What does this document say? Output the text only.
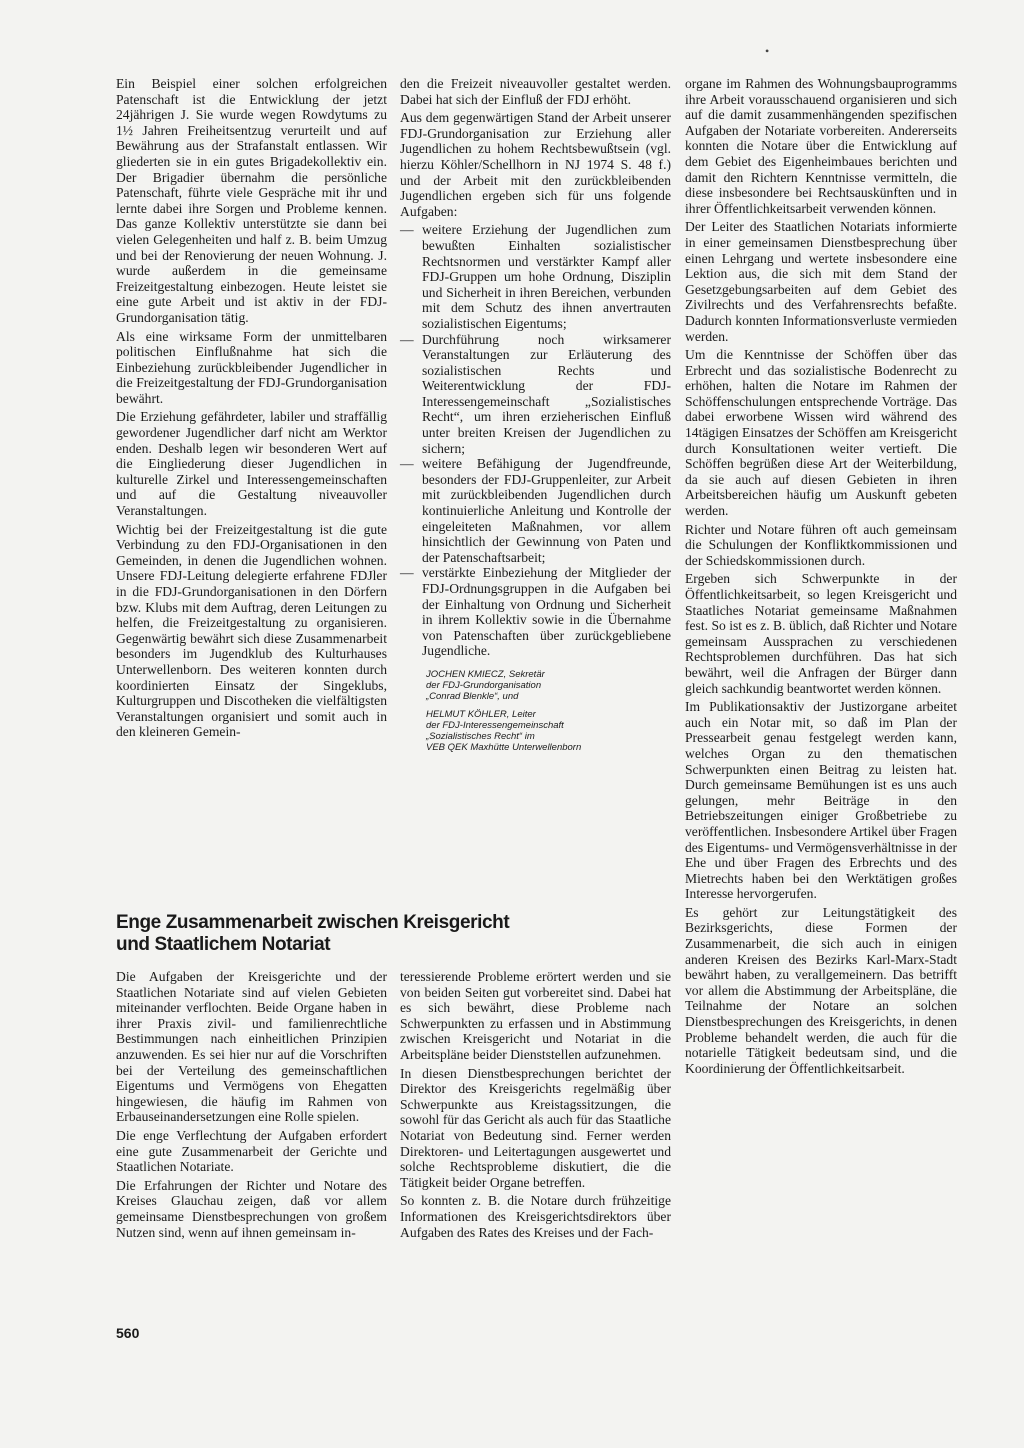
•

Ein Beispiel einer solchen erfolgreichen Patenschaft ist die Entwicklung der jetzt 24jährigen J. Sie wurde wegen Rowdytums zu 1½ Jahren Freiheitsentzug verurteilt und auf Bewährung aus der Strafanstalt entlassen. Wir gliederten sie in ein gutes Brigadekollektiv ein. Der Brigadier übernahm die persönliche Patenschaft, führte viele Gespräche mit ihr und lernte dabei ihre Sorgen und Probleme kennen. Das ganze Kollektiv unterstützte sie dann bei vielen Gelegenheiten und half z. B. beim Umzug und bei der Renovierung der neuen Wohnung. J. wurde außerdem in die gemeinsame Freizeitgestaltung einbezogen. Heute leistet sie eine gute Arbeit und ist aktiv in der FDJ-Grundorganisation tätig.

Als eine wirksame Form der unmittelbaren politischen Einflußnahme hat sich die Einbeziehung zurückbleibender Jugendlicher in die Freizeitgestaltung der FDJ-Grundorganisation bewährt.

Die Erziehung gefährdeter, labiler und straffällig gewordener Jugendlicher darf nicht am Werktor enden. Deshalb legen wir besonderen Wert auf die Eingliederung dieser Jugendlichen in kulturelle Zirkel und Interessengemeinschaften und auf die Gestaltung niveauvoller Veranstaltungen.

Wichtig bei der Freizeitgestaltung ist die gute Verbindung zu den FDJ-Organisationen in den Gemeinden, in denen die Jugendlichen wohnen. Unsere FDJ-Leitung delegierte erfahrene FDJler in die FDJ-Grundorganisationen in den Dörfern bzw. Klubs mit dem Auftrag, deren Leitungen zu helfen, die Freizeitgestaltung zu organisieren. Gegenwärtig bewährt sich diese Zusammenarbeit besonders im Jugendklub des Kulturhauses Unterwellenborn. Des weiteren konnten durch koordinierten Einsatz der Singeklubs, Kulturgruppen und Discotheken die vielfältigsten Veranstaltungen organisiert und somit auch in den kleineren Gemein-

den die Freizeit niveauvoller gestaltet werden. Dabei hat sich der Einfluß der FDJ erhöht.

Aus dem gegenwärtigen Stand der Arbeit unserer FDJ-Grundorganisation zur Erziehung aller Jugendlichen zu hohem Rechtsbewußtsein (vgl. hierzu Köhler/Schellhorn in NJ 1974 S. 48 f.) und der Arbeit mit den zurückbleibenden Jugendlichen ergeben sich für uns folgende Aufgaben:

— weitere Erziehung der Jugendlichen zum bewußten Einhalten sozialistischer Rechtsnormen und verstärkter Kampf aller FDJ-Gruppen um hohe Ordnung, Disziplin und Sicherheit in ihren Bereichen, verbunden mit dem Schutz des ihnen anvertrauten sozialistischen Eigentums;
— Durchführung noch wirksamerer Veranstaltungen zur Erläuterung des sozialistischen Rechts und Weiterentwicklung der FDJ-Interessengemeinschaft „Sozialistisches Recht“, um ihren erzieherischen Einfluß unter breiten Kreisen der Jugendlichen zu sichern;
— weitere Befähigung der Jugendfreunde, besonders der FDJ-Gruppenleiter, zur Arbeit mit zurückbleibenden Jugendlichen durch kontinuierliche Anleitung und Kontrolle der eingeleiteten Maßnahmen, vor allem hinsichtlich der Gewinnung von Paten und der Patenschaftsarbeit;
— verstärkte Einbeziehung der Mitglieder der FDJ-Ordnungsgruppen in die Aufgaben bei der Einhaltung von Ordnung und Sicherheit in ihrem Kollektiv sowie in die Übernahme von Patenschaften über zurückgebliebene Jugendliche.
JOCHEN KMIECZ, Sekretär
der FDJ-Grundorganisation
„Conrad Blenkle“, und
HELMUT KÖHLER, Leiter
der FDJ-Interessengemeinschaft
„Sozialistisches Recht“ im
VEB QEK Maxhütte Unterwellenborn

organe im Rahmen des Wohnungsbauprogramms ihre Arbeit vorausschauend organisieren und sich auf die damit zusammenhängenden spezifischen Aufgaben der Notariate vorbereiten. Andererseits konnten die Notare über die Entwicklung auf dem Gebiet des Eigenheimbaues berichten und damit den Richtern Kenntnisse vermitteln, die diese insbesondere bei Rechtsauskünften und in ihrer Öffentlichkeitsarbeit verwenden können.

Der Leiter des Staatlichen Notariats informierte in einer gemeinsamen Dienstbesprechung über einen Lehrgang und wertete insbesondere eine Lektion aus, die sich mit dem Stand der Gesetzgebungsarbeiten auf dem Gebiet des Zivilrechts und des Verfahrensrechts befaßte. Dadurch konnten Informationsverluste vermieden werden.

Um die Kenntnisse der Schöffen über das Erbrecht und das sozialistische Bodenrecht zu erhöhen, halten die Notare im Rahmen der Schöffenschulungen entsprechende Vorträge. Das dabei erworbene Wissen wird während des 14tägigen Einsatzes der Schöffen am Kreisgericht durch Konsultationen weiter vertieft. Die Schöffen begrüßen diese Art der Weiterbildung, da sie auch auf diesen Gebieten in ihren Arbeitsbereichen häufig um Auskunft gebeten werden.

Richter und Notare führen oft auch gemeinsam die Schulungen der Konfliktkommissionen und der Schiedskommissionen durch.

Ergeben sich Schwerpunkte in der Öffentlichkeitsarbeit, so legen Kreisgericht und Staatliches Notariat gemeinsame Maßnahmen fest. So ist es z. B. üblich, daß Richter und Notare gemeinsam Aussprachen zu verschiedenen Rechtsproblemen durchführen. Das hat sich bewährt, weil die Anfragen der Bürger dann gleich sachkundig beantwortet werden können.

Im Publikationsaktiv der Justizorgane arbeitet auch ein Notar mit, so daß im Plan der Pressearbeit genau festgelegt werden kann, welches Organ zu den thematischen Schwerpunkten einen Beitrag zu leisten hat. Durch gemeinsame Bemühungen ist es uns auch gelungen, mehr Beiträge in den Betriebszeitungen einiger Großbetriebe zu veröffentlichen. Insbesondere Artikel über Fragen des Eigentums- und Vermögensverhältnisse in der Ehe und über Fragen des Erbrechts und des Mietrechts haben bei den Werktätigen großes Interesse hervorgerufen.

Es gehört zur Leitungstätigkeit des Bezirksgerichts, diese Formen der Zusammenarbeit, die sich auch in einigen anderen Kreisen des Bezirks Karl-Marx-Stadt bewährt haben, zu verallgemeinern. Das betrifft vor allem die Abstimmung der Arbeitspläne, die Teilnahme der Notare an solchen Dienstbesprechungen des Kreisgerichts, in denen Probleme behandelt werden, die auch für die notarielle Tätigkeit bedeutsam sind, und die Koordinierung der Öffentlichkeitsarbeit.

Enge Zusammenarbeit zwischen Kreisgericht
und Staatlichem Notariat

Die Aufgaben der Kreisgerichte und der Staatlichen Notariate sind auf vielen Gebieten miteinander verflochten. Beide Organe haben in ihrer Praxis zivil- und familienrechtliche Bestimmungen nach einheitlichen Prinzipien anzuwenden. Es sei hier nur auf die Vorschriften bei der Verteilung des gemeinschaftlichen Eigentums und Vermögens von Ehegatten hingewiesen, die häufig im Rahmen von Erbauseinandersetzungen eine Rolle spielen.

Die enge Verflechtung der Aufgaben erfordert eine gute Zusammenarbeit der Gerichte und Staatlichen Notariate.

Die Erfahrungen der Richter und Notare des Kreises Glauchau zeigen, daß vor allem gemeinsame Dienstbesprechungen von großem Nutzen sind, wenn auf ihnen gemeinsam in-

teressierende Probleme erörtert werden und sie von beiden Seiten gut vorbereitet sind. Dabei hat es sich bewährt, diese Probleme nach Schwerpunkten zu erfassen und in Abstimmung zwischen Kreisgericht und Notariat in die Arbeitspläne beider Dienststellen aufzunehmen.

In diesen Dienstbesprechungen berichtet der Direktor des Kreisgerichts regelmäßig über Schwerpunkte aus Kreistagssitzungen, die sowohl für das Gericht als auch für das Staatliche Notariat von Bedeutung sind. Ferner werden Direktoren- und Leitertagungen ausgewertet und solche Rechtsprobleme diskutiert, die die Tätigkeit beider Organe betreffen.

So konnten z. B. die Notare durch frühzeitige Informationen des Kreisgerichtsdirektors über Aufgaben des Rates des Kreises und der Fach-

560
